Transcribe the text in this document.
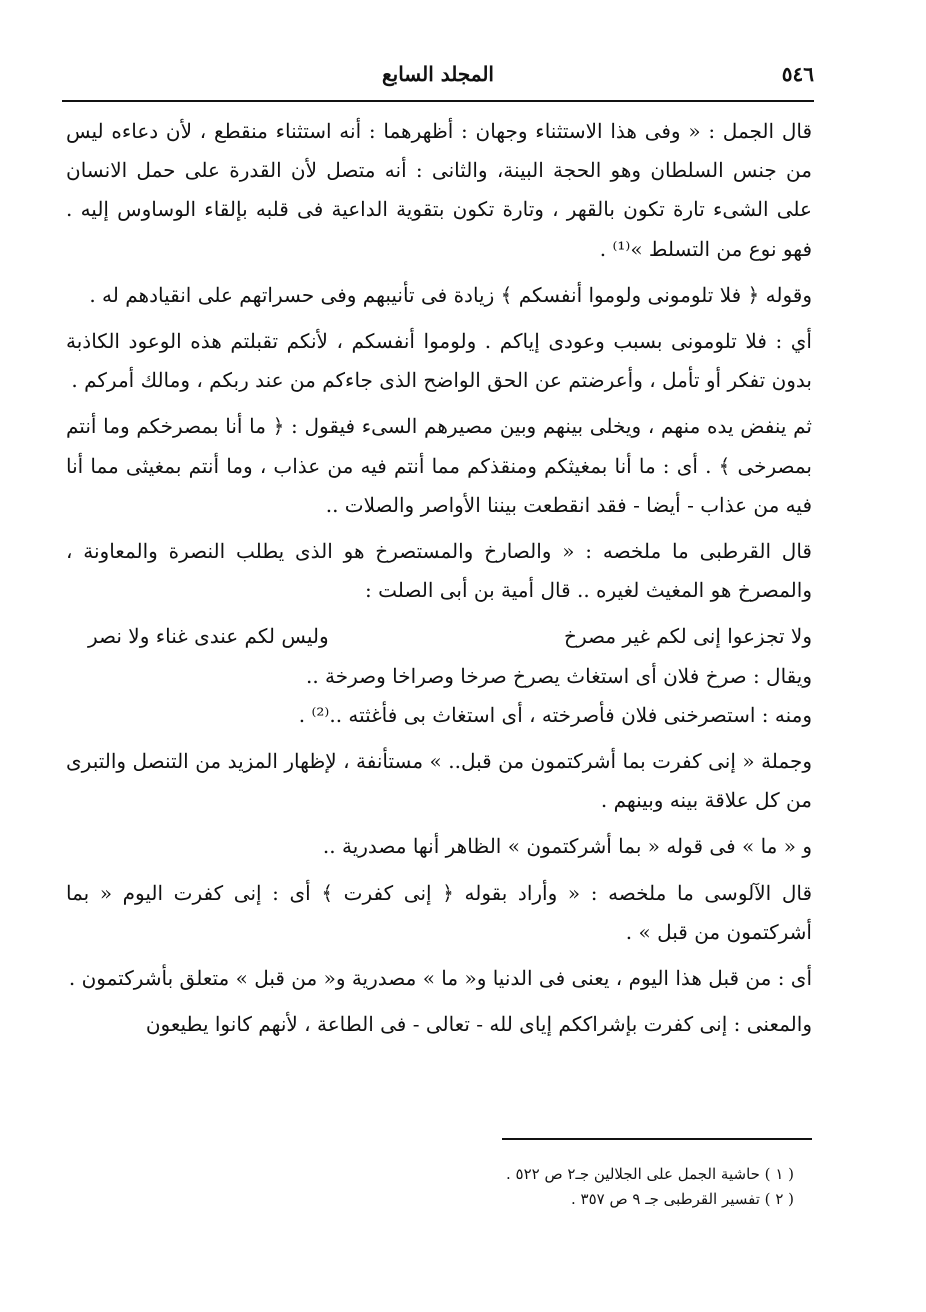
٥٤٦
المجلد السابع

قال الجمل : « وفى هذا الاستثناء وجهان : أظهرهما : أنه استثناء منقطع ، لأن دعاءه ليس من جنس السلطان وهو الحجة البينة، والثانى : أنه متصل لأن القدرة على حمل الانسان على الشىء تارة تكون بالقهر ، وتارة تكون بتقوية الداعية فى قلبه بإلقاء الوساوس إليه . فهو نوع من التسلط »⁽¹⁾ .

وقوله ﴿ فلا تلومونى ولوموا أنفسكم ﴾ زيادة فى تأنيبهم وفى حسراتهم على انقيادهم له .

أي : فلا تلومونى بسبب وعودى إياكم . ولوموا أنفسكم ، لأنكم تقبلتم هذه الوعود الكاذبة بدون تفكر أو تأمل ، وأعرضتم عن الحق الواضح الذى جاءكم من عند ربكم ، ومالك أمركم .

ثم ينفض يده منهم ، ويخلى بينهم وبين مصيرهم السىء فيقول : ﴿ ما أنا بمصرخكم وما أنتم بمصرخى ﴾ . أى : ما أنا بمغيثكم ومنقذكم مما أنتم فيه من عذاب ، وما أنتم بمغيثى مما أنا فيه من عذاب - أيضا - فقد انقطعت بيننا الأواصر والصلات ..

قال القرطبى ما ملخصه : « والصارخ والمستصرخ هو الذى يطلب النصرة والمعاونة ، والمصرخ هو المغيث لغيره .. قال أمية بن أبى الصلت :

ولا تجزعوا إنى لكم غير مصرخ
وليس لكم عندى غناء ولا نصر

ويقال : صرخ فلان أى استغاث يصرخ صرخا وصراخا وصرخة ..

ومنه : استصرخنى فلان فأصرخته ، أى استغاث بى فأغثته ..⁽²⁾ .

وجملة « إنى كفرت بما أشركتمون من قبل.. » مستأنفة ، لإظهار المزيد من التنصل والتبرى من كل علاقة بينه وبينهم .

و « ما » فى قوله « بما أشركتمون » الظاهر أنها مصدرية ..

قال الآلوسى ما ملخصه : « وأراد بقوله ﴿ إنى كفرت ﴾ أى : إنى كفرت اليوم « بما أشركتمون من قبل » .

أى : من قبل هذا اليوم ، يعنى فى الدنيا و« ما » مصدرية و« من قبل » متعلق بأشركتمون .

والمعنى : إنى كفرت بإشراككم إياى لله - تعالى - فى الطاعة ، لأنهم كانوا يطيعون

( ١ ) حاشية الجمل على الجلالين جـ٢ ص ٥٢٢ .

( ٢ ) تفسير القرطبى جـ ٩ ص ٣٥٧ .
